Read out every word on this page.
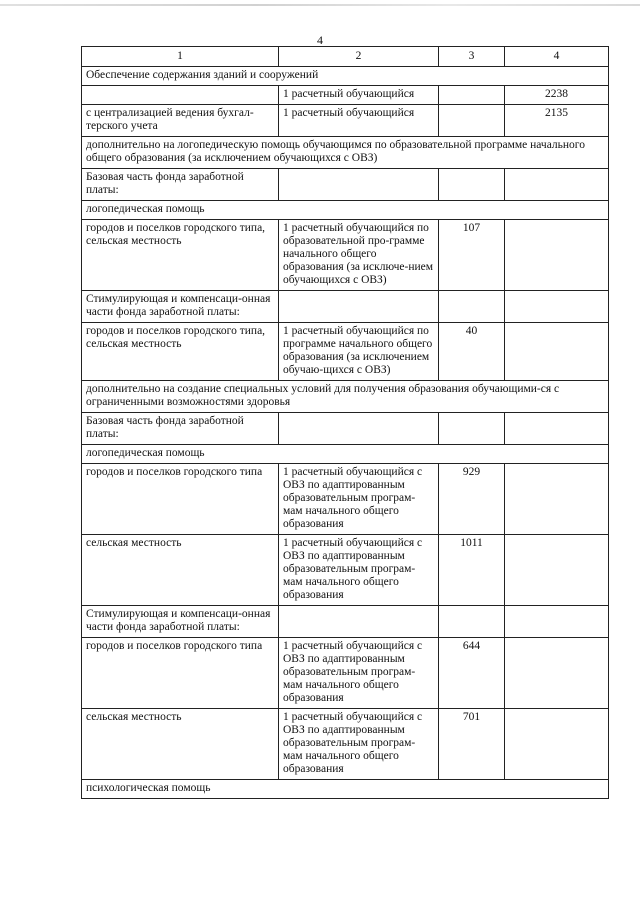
4
1	2	3	4
Обеспечение содержания зданий и сооружений			
	1 расчетный обучающийся		2238
с централизацией ведения бухгал-терского учета	1 расчетный обучающийся		2135
дополнительно на логопедическую помощь обучающимся по образовательной программе начального общего образования (за исключением обучающихся с ОВЗ)			
Базовая часть фонда заработной платы:			
логопедическая помощь			
городов и поселков городского типа, сельская местность	1 расчетный обучающийся по образовательной про-грамме начального общего образования (за исключе-нием обучающихся с ОВЗ)	107	
Стимулирующая и компенсаци-онная части фонда заработной платы:			
городов и поселков городского типа, сельская местность	1 расчетный обучающийся по программе начального общего образования (за исключением обучаю-щихся с ОВЗ)	40	
дополнительно на создание специальных условий для получения образования обучающими-ся с ограниченными возможностями здоровья			
Базовая часть фонда заработной платы:			
логопедическая помощь			
городов и поселков городского типа	1 расчетный обучающийся с ОВЗ по адаптированным образовательным програм-мам начального общего образования	929	
сельская местность	1 расчетный обучающийся с ОВЗ по адаптированным образовательным програм-мам начального общего образования	1011	
Стимулирующая и компенсаци-онная части фонда заработной платы:			
городов и поселков городского типа	1 расчетный обучающийся с ОВЗ по адаптированным образовательным програм-мам начального общего образования	644	
сельская местность	1 расчетный обучающийся с ОВЗ по адаптированным образовательным програм-мам начального общего образования	701	
психологическая помощь			
